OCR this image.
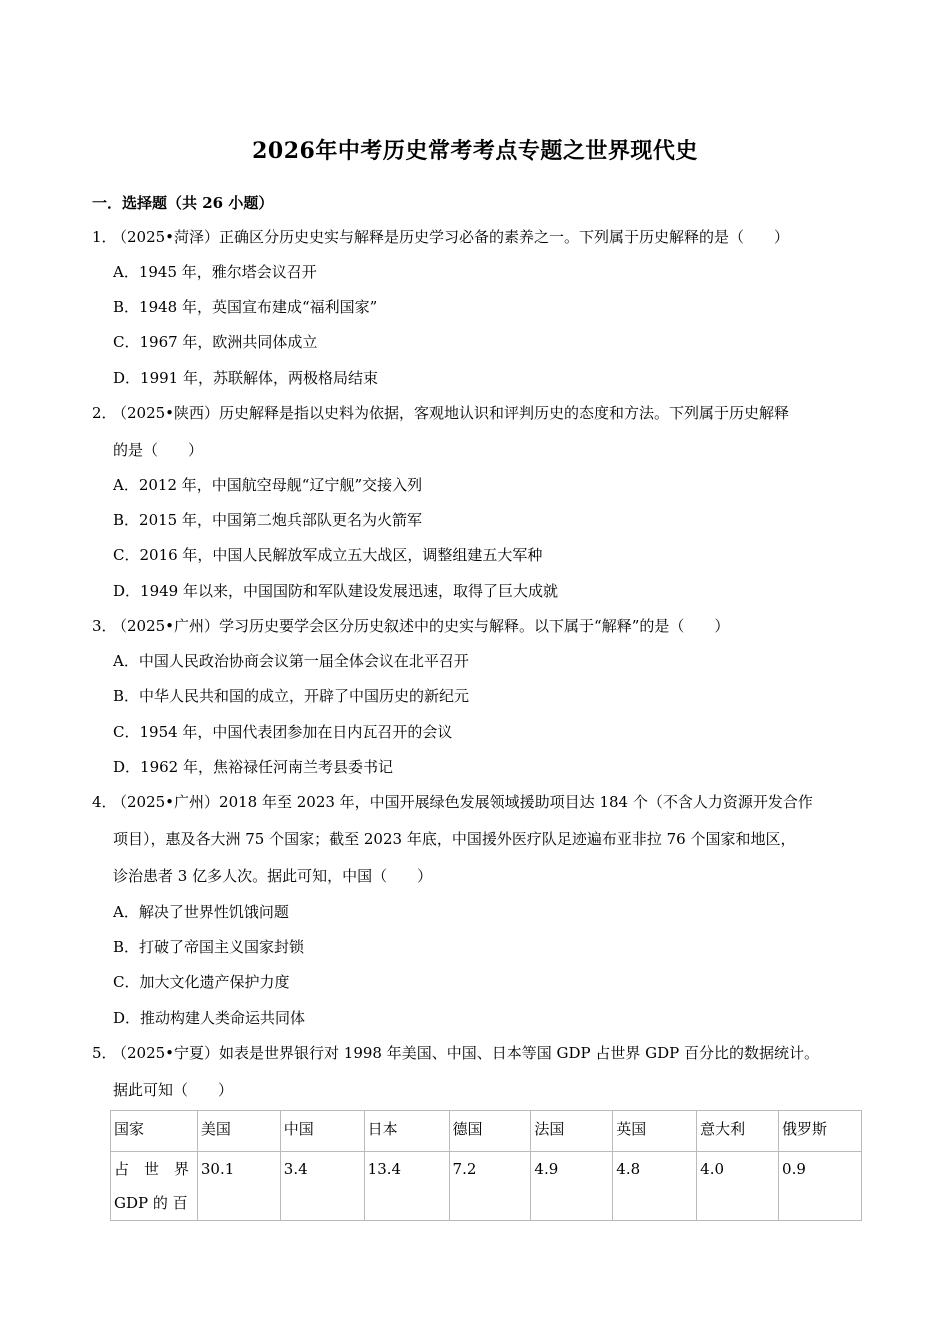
2026年中考历史常考考点专题之世界现代史
一．选择题（共 26 小题）
1．（2025•菏泽）正确区分历史史实与解释是历史学习必备的素养之一。下列属于历史解释的是（　　）
A．1945 年，雅尔塔会议召开
B．1948 年，英国宣布建成“福利国家”
C．1967 年，欧洲共同体成立
D．1991 年，苏联解体，两极格局结束
2．（2025•陕西）历史解释是指以史料为依据，客观地认识和评判历史的态度和方法。下列属于历史解释
的是（　　）
A．2012 年，中国航空母舰“辽宁舰”交接入列
B．2015 年，中国第二炮兵部队更名为火箭军
C．2016 年，中国人民解放军成立五大战区，调整组建五大军种
D．1949 年以来，中国国防和军队建设发展迅速，取得了巨大成就
3．（2025•广州）学习历史要学会区分历史叙述中的史实与解释。以下属于“解释”的是（　　）
A．中国人民政治协商会议第一届全体会议在北平召开
B．中华人民共和国的成立，开辟了中国历史的新纪元
C．1954 年，中国代表团参加在日内瓦召开的会议
D．1962 年，焦裕禄任河南兰考县委书记
4．（2025•广州）2018 年至 2023 年，中国开展绿色发展领域援助项目达 184 个（不含人力资源开发合作
项目），惠及各大洲 75 个国家；截至 2023 年底，中国援外医疗队足迹遍布亚非拉 76 个国家和地区，
诊治患者 3 亿多人次。据此可知，中国（　　）
A．解决了世界性饥饿问题
B．打破了帝国主义国家封锁
C．加大文化遗产保护力度
D．推动构建人类命运共同体
5．（2025•宁夏）如表是世界银行对 1998 年美国、中国、日本等国 GDP 占世界 GDP 百分比的数据统计。
据此可知（　　）
国家	美国	中国	日本	德国	法国	英国	意大利	俄罗斯

占　世　界
GDP 的 百	30.1	3.4	13.4	7.2	4.9	4.8	4.0	0.9
